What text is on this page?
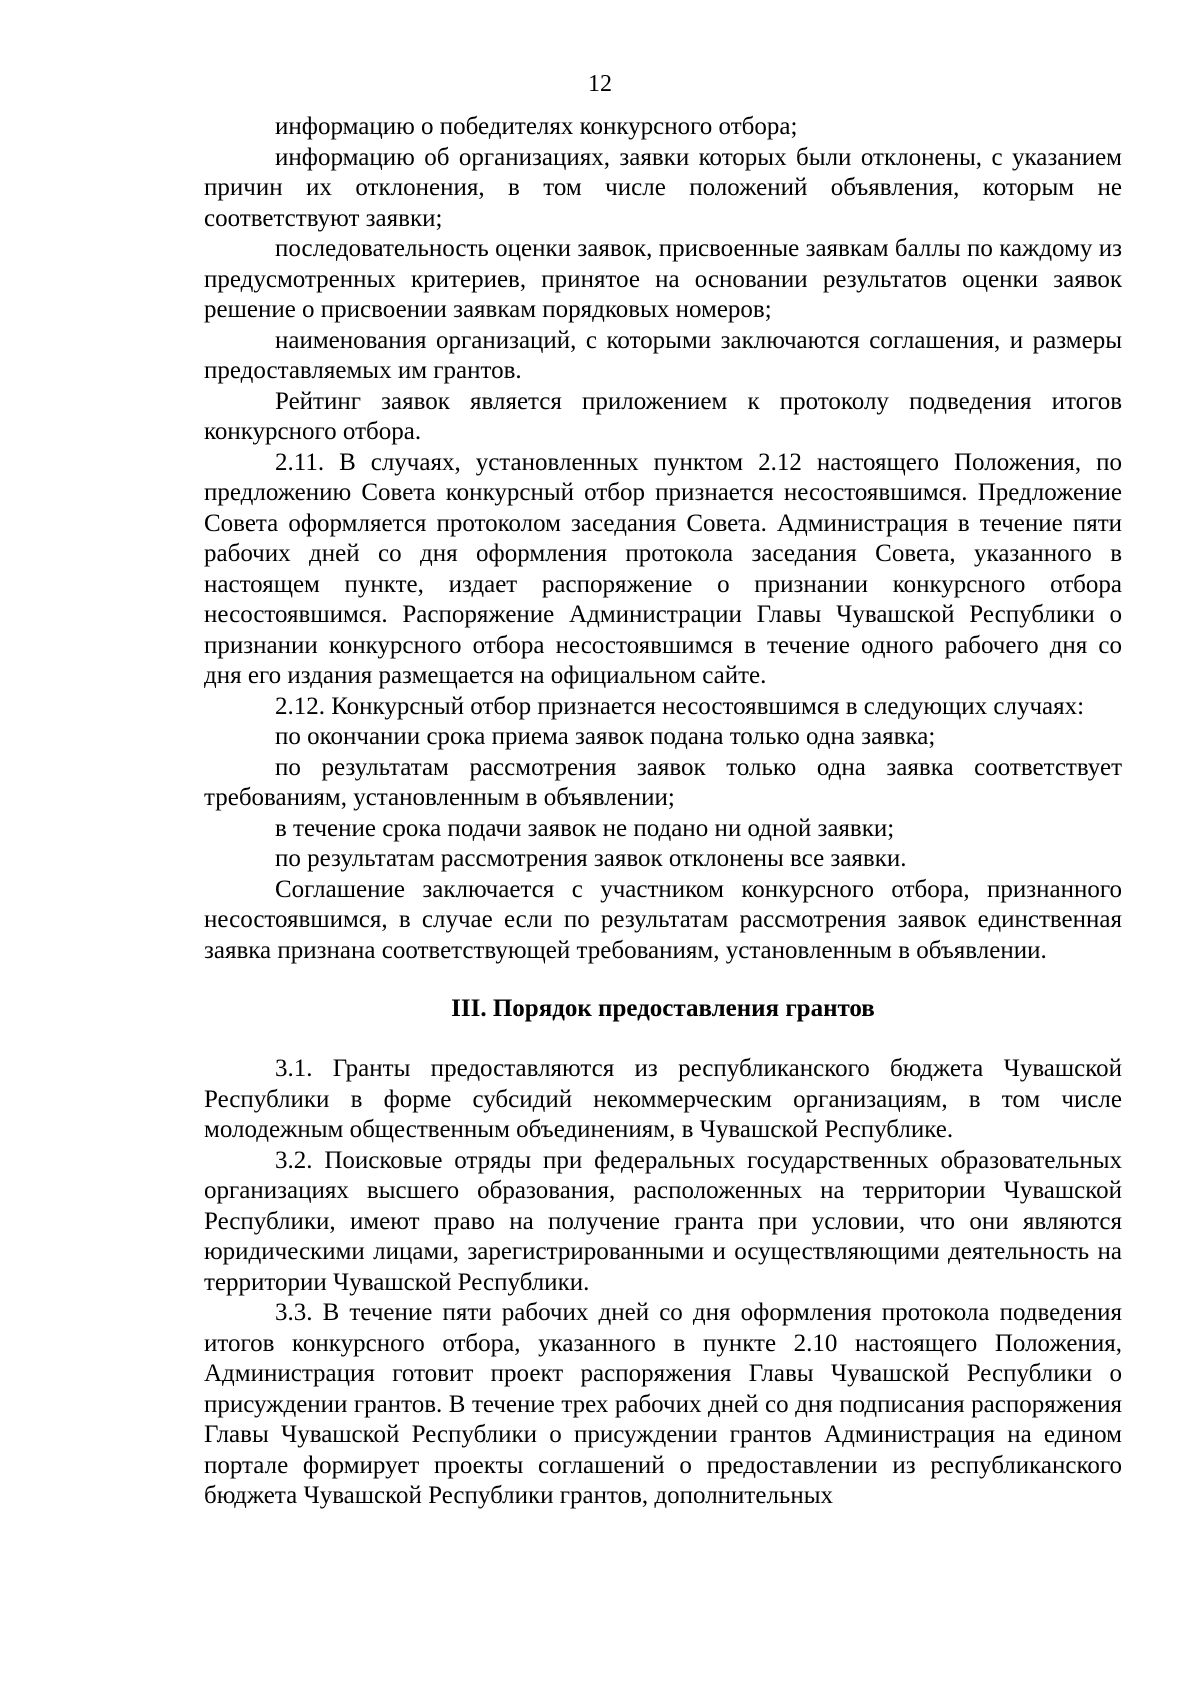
12

информацию о победителях конкурсного отбора;

информацию об организациях, заявки которых были отклонены, с указанием причин их отклонения, в том числе положений объявления, которым не соответствуют заявки;

последовательность оценки заявок, присвоенные заявкам баллы по каждому из предусмотренных критериев, принятое на основании результатов оценки заявок решение о присвоении заявкам порядковых номеров;

наименования организаций, с которыми заключаются соглашения, и размеры предоставляемых им грантов.

Рейтинг заявок является приложением к протоколу подведения итогов конкурсного отбора.

2.11. В случаях, установленных пунктом 2.12 настоящего Положения, по предложению Совета конкурсный отбор признается несостоявшимся. Предложение Совета оформляется протоколом заседания Совета. Администрация в течение пяти рабочих дней со дня оформления протокола заседания Совета, указанного в настоящем пункте, издает распоряжение о признании конкурсного отбора несостоявшимся. Распоряжение Администрации Главы Чувашской Республики о признании конкурсного отбора несостоявшимся в течение одного рабочего дня со дня его издания размещается на официальном сайте.

2.12. Конкурсный отбор признается несостоявшимся в следующих случаях:

по окончании срока приема заявок подана только одна заявка;

по результатам рассмотрения заявок только одна заявка соответствует требованиям, установленным в объявлении;

в течение срока подачи заявок не подано ни одной заявки;

по результатам рассмотрения заявок отклонены все заявки.

Соглашение заключается с участником конкурсного отбора, признанного несостоявшимся, в случае если по результатам рассмотрения заявок единственная заявка признана соответствующей требованиям, установленным в объявлении.

III. Порядок предоставления грантов

3.1. Гранты предоставляются из республиканского бюджета Чувашской Республики в форме субсидий некоммерческим организациям, в том числе молодежным общественным объединениям, в Чувашской Республике.

3.2. Поисковые отряды при федеральных государственных образовательных организациях высшего образования, расположенных на территории Чувашской Республики, имеют право на получение гранта при условии, что они являются юридическими лицами, зарегистрированными и осуществляющими деятельность на территории Чувашской Республики.

3.3. В течение пяти рабочих дней со дня оформления протокола подведения итогов конкурсного отбора, указанного в пункте 2.10 настоящего Положения, Администрация готовит проект распоряжения Главы Чувашской Республики о присуждении грантов. В течение трех рабочих дней со дня подписания распоряжения Главы Чувашской Республики о присуждении грантов Администрация на едином портале формирует проекты соглашений о предоставлении из республиканского бюджета Чувашской Республики грантов, дополнительных
